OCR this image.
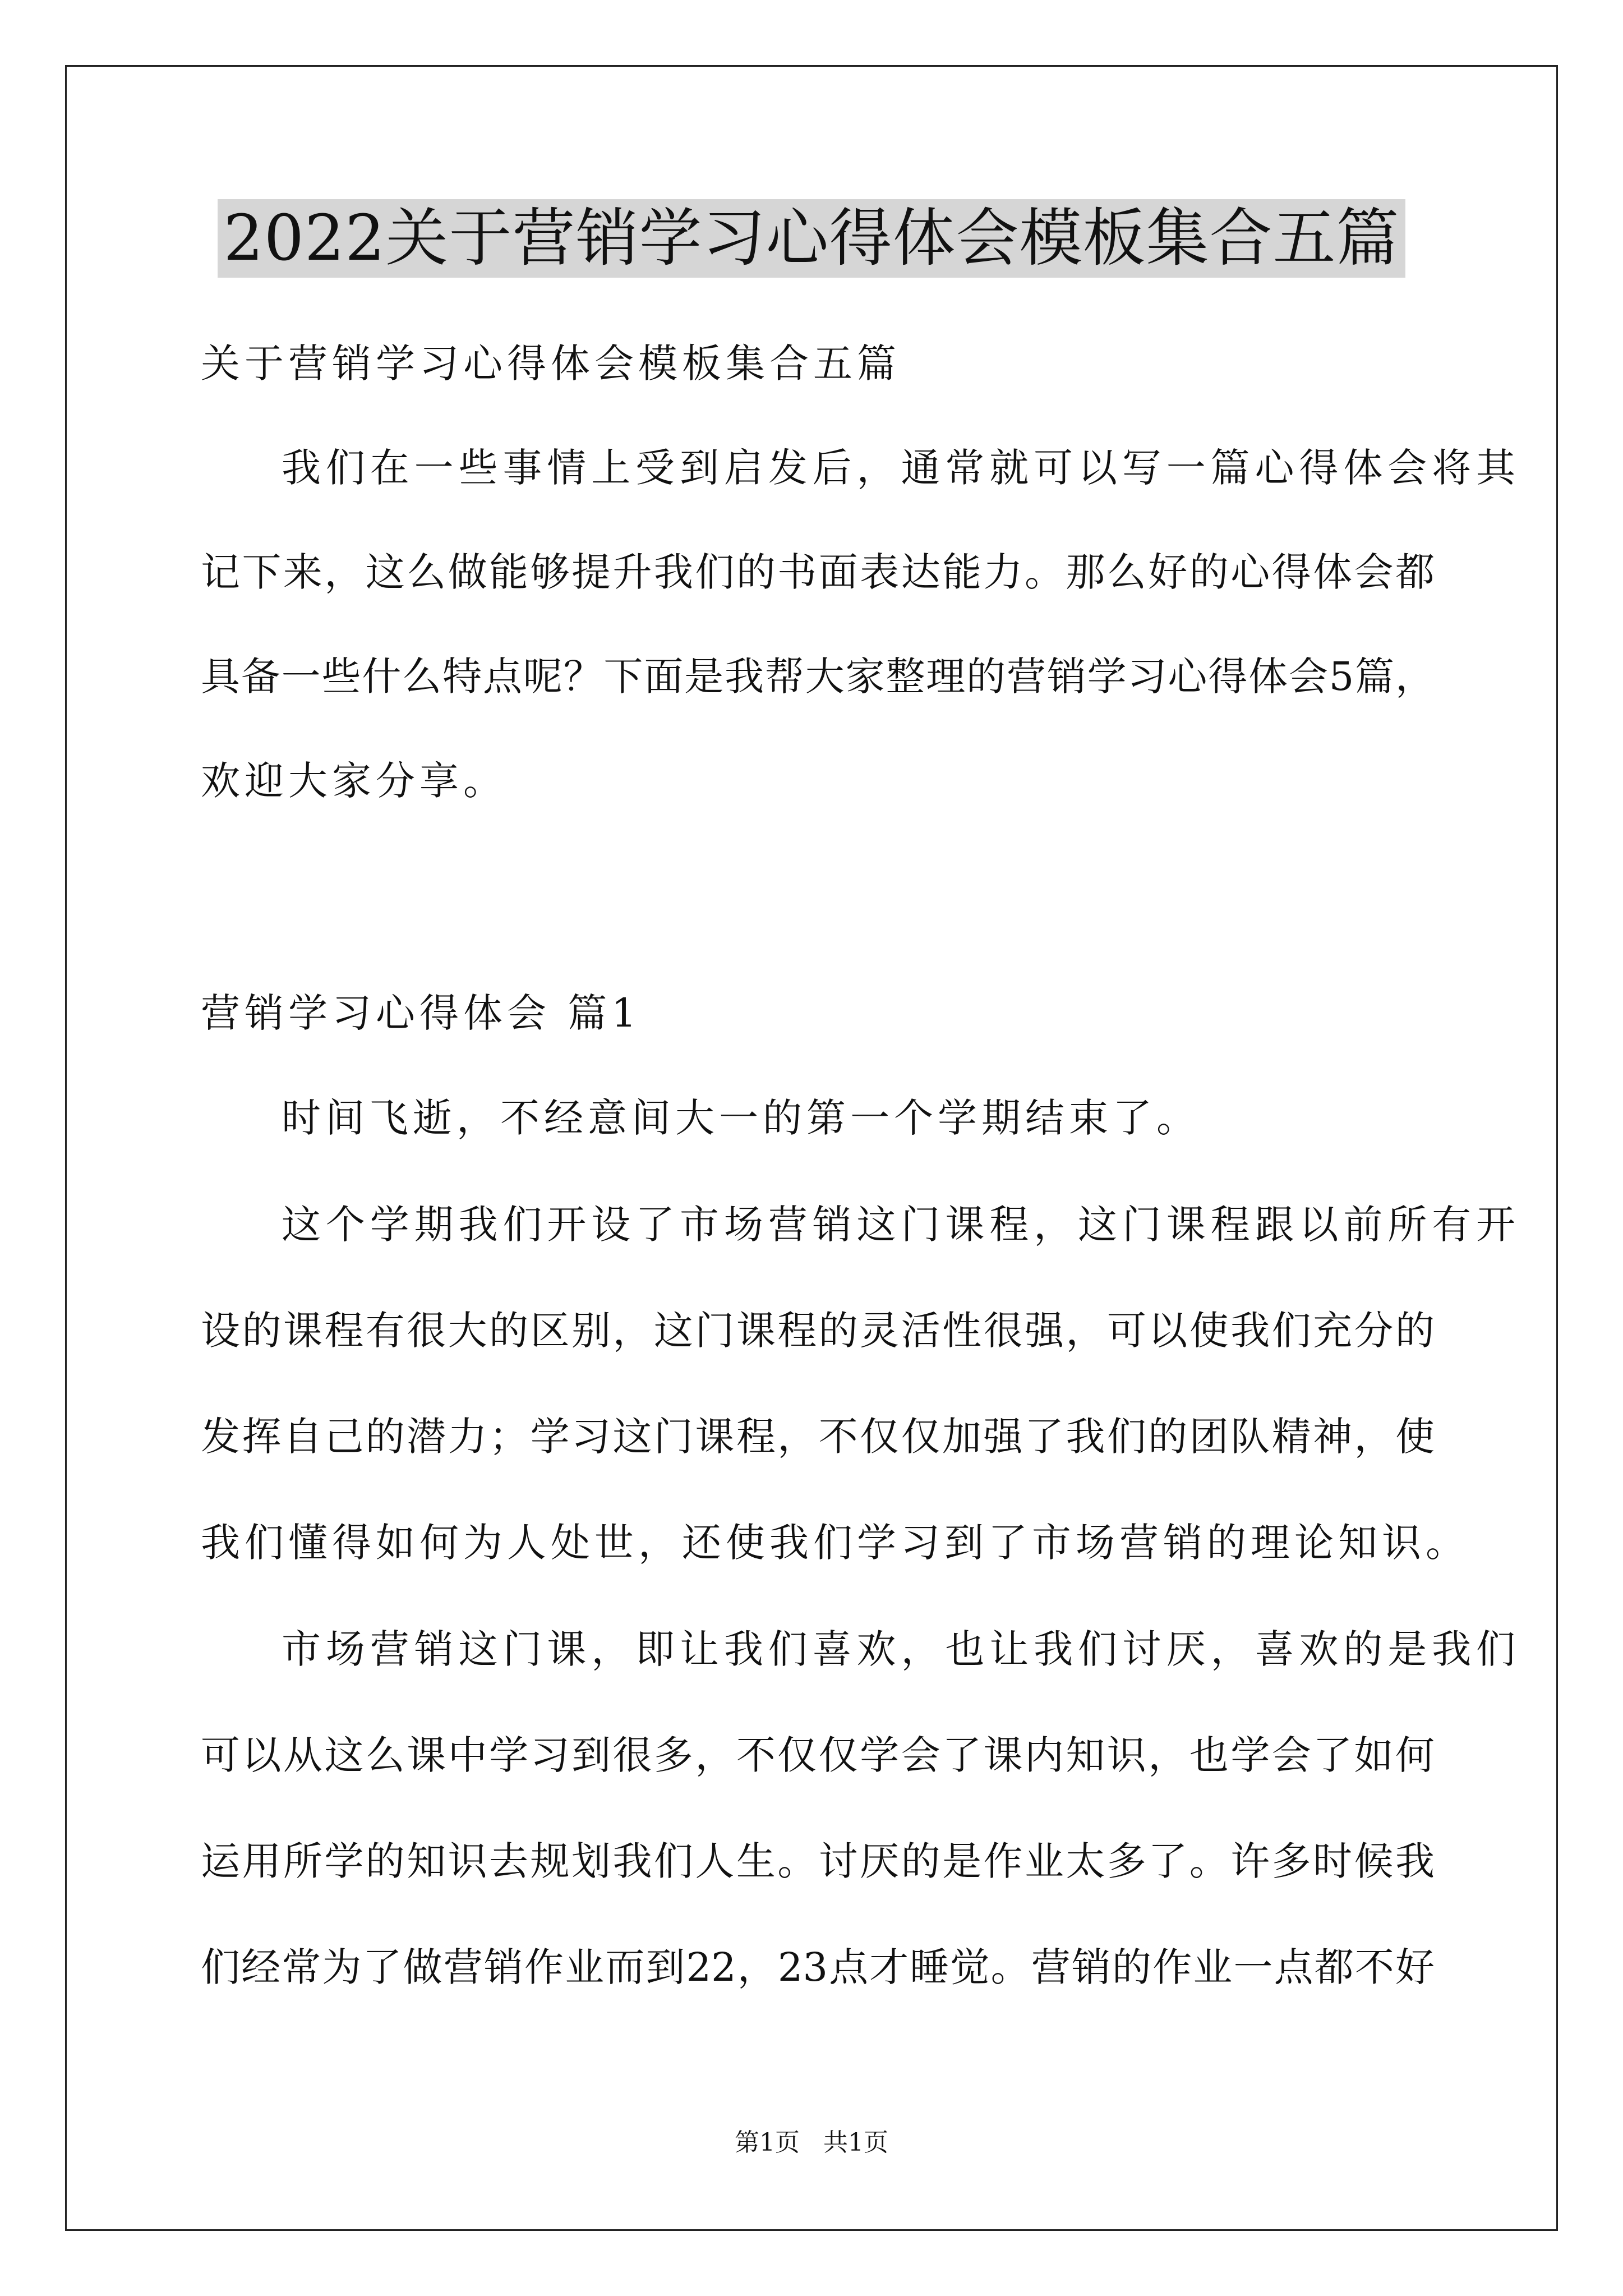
2022关于营销学习心得体会模板集合五篇
关于营销学习心得体会模板集合五篇
我们在一些事情上受到启发后，通常就可以写一篇心得体会将其
记下来，这么做能够提升我们的书面表达能力。那么好的心得体会都
具备一些什么特点呢？下面是我帮大家整理的营销学习心得体会5篇，
欢迎大家分享。
营销学习心得体会 篇1
时间飞逝，不经意间大一的第一个学期结束了。
这个学期我们开设了市场营销这门课程，这门课程跟以前所有开
设的课程有很大的区别，这门课程的灵活性很强，可以使我们充分的
发挥自己的潜力；学习这门课程，不仅仅加强了我们的团队精神，使
我们懂得如何为人处世，还使我们学习到了市场营销的理论知识。
市场营销这门课，即让我们喜欢，也让我们讨厌，喜欢的是我们
可以从这么课中学习到很多，不仅仅学会了课内知识，也学会了如何
运用所学的知识去规划我们人生。讨厌的是作业太多了。许多时候我
们经常为了做营销作业而到22，23点才睡觉。营销的作业一点都不好
第1页   共1页
